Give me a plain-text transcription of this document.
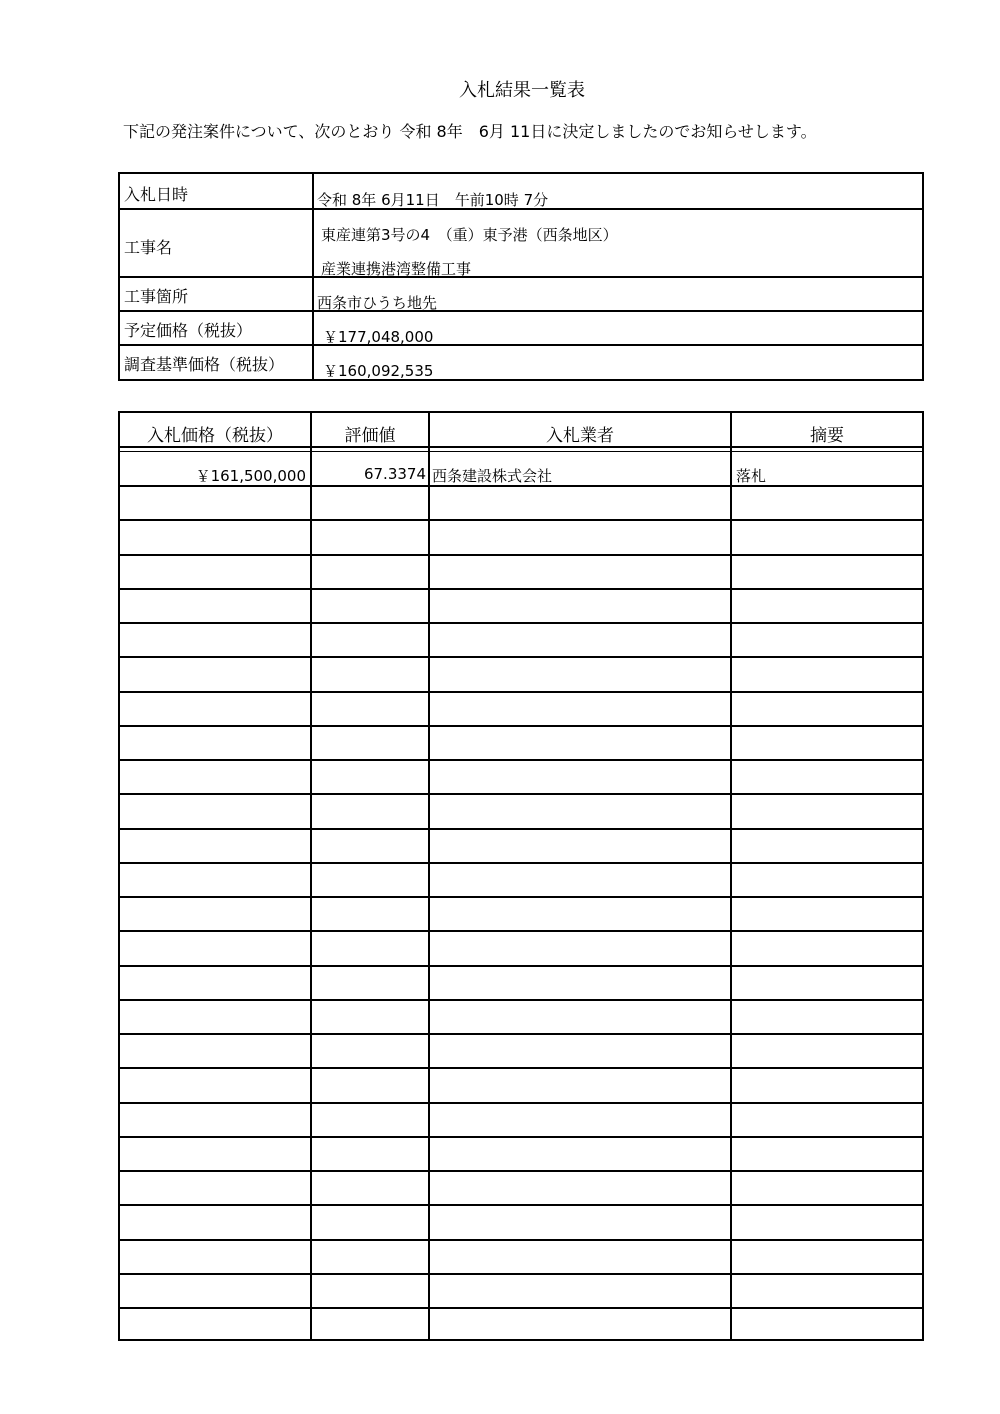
入札結果一覧表
下記の発注案件について、次のとおり 令和 8年　6月 11日に決定しましたのでお知らせします。
入札日時	令和 8年 6月11日　午前10時 7分
工事名
東産連第3号の4　（重）東予港（西条地区）
産業連携港湾整備工事
工事箇所	西条市ひうち地先
予定価格（税抜）	￥177,048,000
調査基準価格（税抜）	￥160,092,535
入札価格（税抜）	評価値	入札業者	摘要
￥161,500,000	67.3374 西条建設株式会社	落札
